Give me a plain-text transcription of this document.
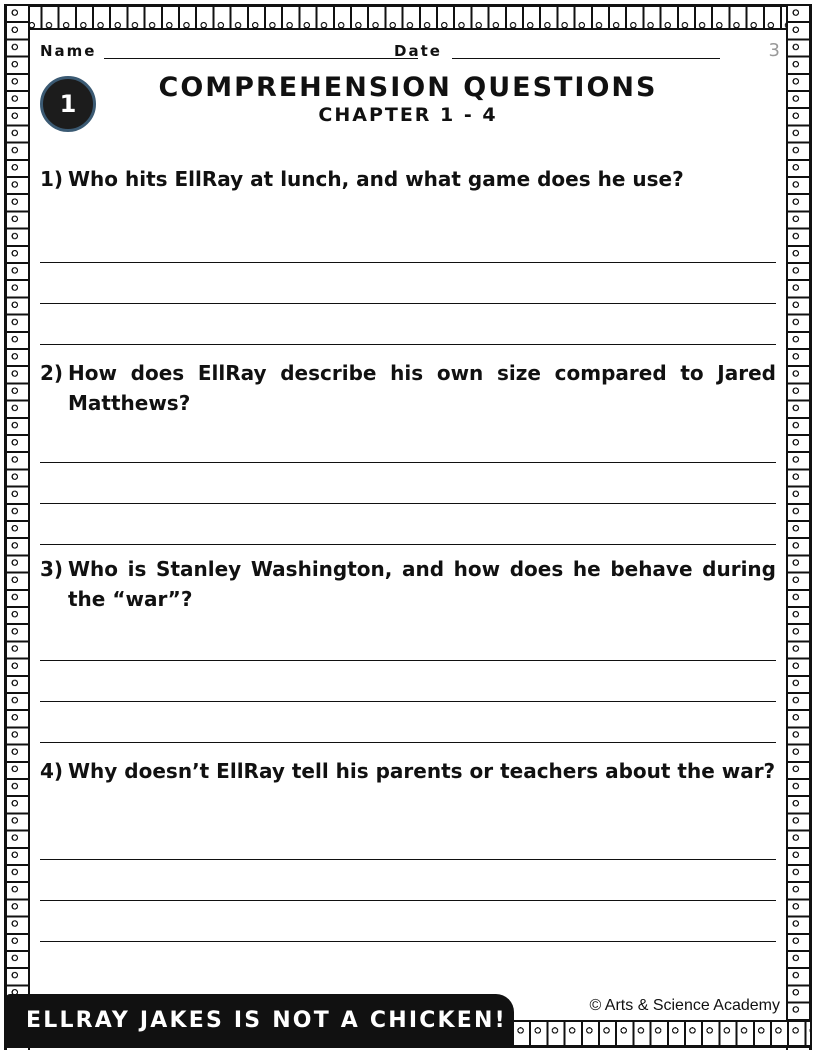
Name	Date	3
1
COMPREHENSION QUESTIONS
CHAPTER 1 - 4
1) Who hits EllRay at lunch, and what game does he use?
2) How does EllRay describe his own size compared to Jared Matthews?
3) Who is Stanley Washington, and how does he behave during the “war”?
4) Why doesn’t EllRay tell his parents or teachers about the war?
ELLRAY JAKES IS NOT A CHICKEN!
© Arts & Science Academy
